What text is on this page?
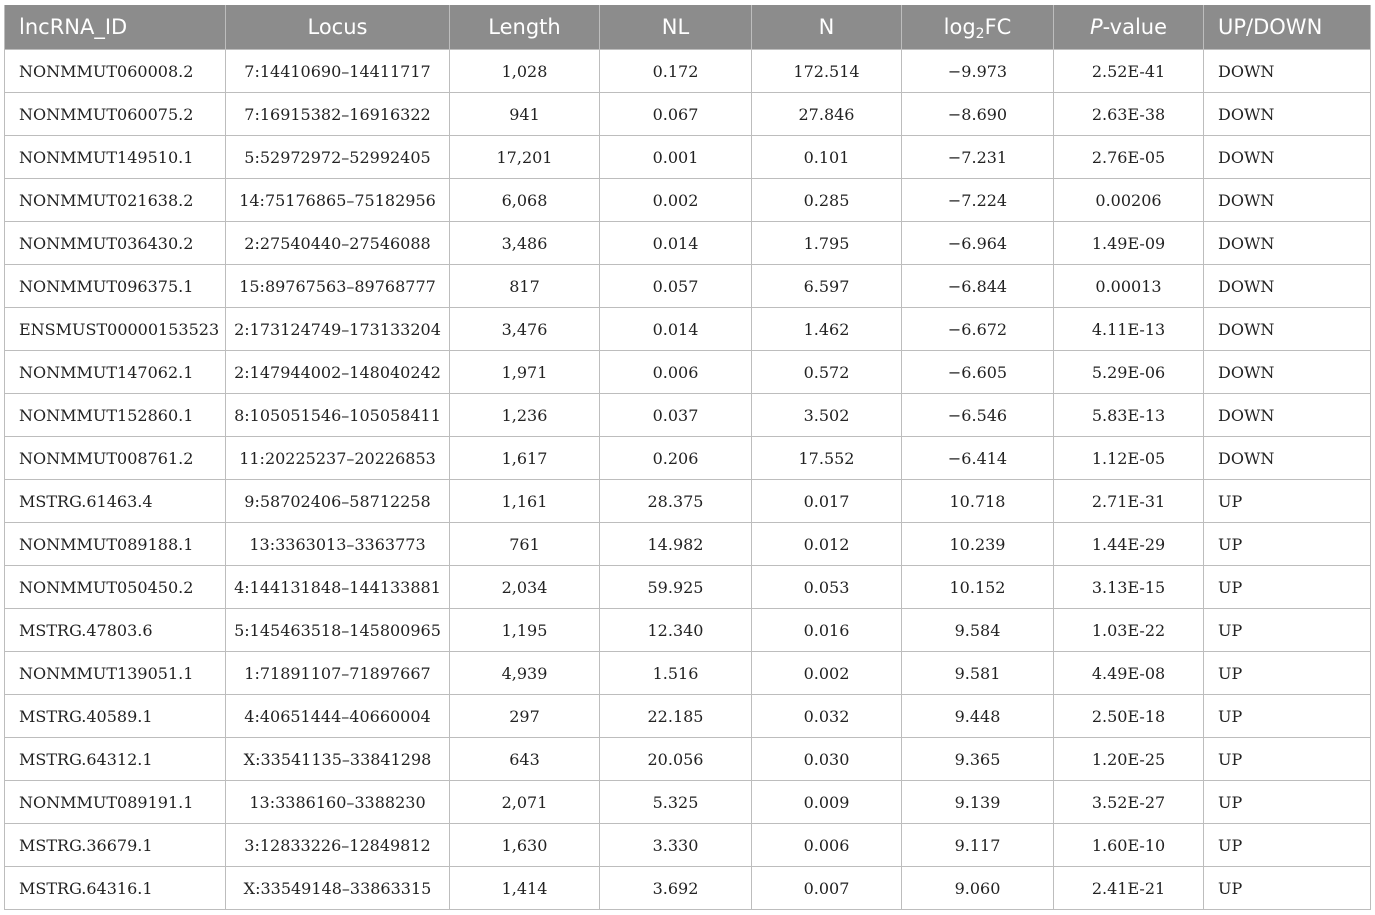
lncRNA_ID	Locus	Length	NL	N	$\log_2FC$	P-value	UP/DOWN
NONMMUT060008.2	7:14410690–14411717	1,028	0.172	172.514	−9.973	2.52E-41	DOWN
NONMMUT060075.2	7:16915382–16916322	941	0.067	27.846	−8.690	2.63E-38	DOWN
NONMMUT149510.1	5:52972972–52992405	17,201	0.001	0.101	−7.231	2.76E-05	DOWN
NONMMUT021638.2	14:75176865–75182956	6,068	0.002	0.285	−7.224	0.00206	DOWN
NONMMUT036430.2	2:27540440–27546088	3,486	0.014	1.795	−6.964	1.49E-09	DOWN
NONMMUT096375.1	15:89767563–89768777	817	0.057	6.597	−6.844	0.00013	DOWN
ENSMUST00000153523	2:173124749–173133204	3,476	0.014	1.462	−6.672	4.11E-13	DOWN
NONMMUT147062.1	2:147944002–148040242	1,971	0.006	0.572	−6.605	5.29E-06	DOWN
NONMMUT152860.1	8:105051546–105058411	1,236	0.037	3.502	−6.546	5.83E-13	DOWN
NONMMUT008761.2	11:20225237–20226853	1,617	0.206	17.552	−6.414	1.12E-05	DOWN
MSTRG.61463.4	9:58702406–58712258	1,161	28.375	0.017	10.718	2.71E-31	UP
NONMMUT089188.1	13:3363013–3363773	761	14.982	0.012	10.239	1.44E-29	UP
NONMMUT050450.2	4:144131848–144133881	2,034	59.925	0.053	10.152	3.13E-15	UP
MSTRG.47803.6	5:145463518–145800965	1,195	12.340	0.016	9.584	1.03E-22	UP
NONMMUT139051.1	1:71891107–71897667	4,939	1.516	0.002	9.581	4.49E-08	UP
MSTRG.40589.1	4:40651444–40660004	297	22.185	0.032	9.448	2.50E-18	UP
MSTRG.64312.1	X:33541135–33841298	643	20.056	0.030	9.365	1.20E-25	UP
NONMMUT089191.1	13:3386160–3388230	2,071	5.325	0.009	9.139	3.52E-27	UP
MSTRG.36679.1	3:12833226–12849812	1,630	3.330	0.006	9.117	1.60E-10	UP
MSTRG.64316.1	X:33549148–33863315	1,414	3.692	0.007	9.060	2.41E-21	UP
